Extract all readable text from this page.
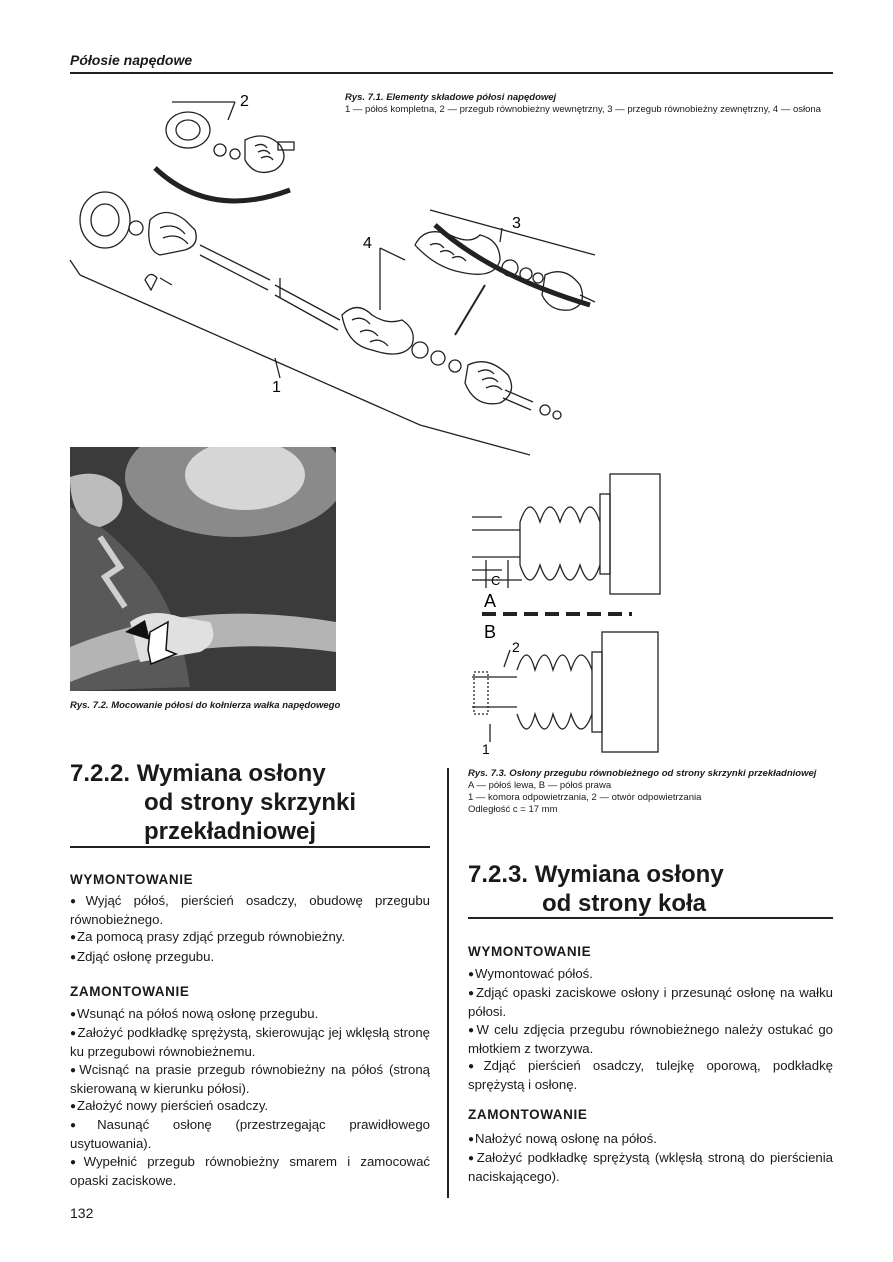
Półosie napędowe
2
3
4
1
Rys. 7.1. Elementy składowe półosi napędowej
1 — półoś kompletna, 2 — przegub równobieżny wewnętrzny, 3 — przegub równobieżny zewnętrzny, 4 — osłona
Rys. 7.2. Mocowanie półosi do kołnierza wałka napędowego
C
A
B
2
1
Rys. 7.3. Osłony przegubu równobieżnego od strony skrzynki przekładniowej
A — półoś lewa, B — półoś prawa
1 — komora odpowietrzania, 2 — otwór odpowietrzania
Odległość c = 17 mm
7.2.2. Wymiana osłony
od strony skrzynki
przekładniowej
WYMONTOWANIE

● Wyjąć półoś, pierścień osadczy, obudowę przegubu równobieżnego.

● Za pomocą prasy zdjąć przegub równobieżny.

● Zdjąć osłonę przegubu.

ZAMONTOWANIE

● Wsunąć na półoś nową osłonę przegubu.

● Założyć podkładkę sprężystą, skierowując jej wklęsłą stronę ku przegubowi równobieżnemu.

● Wcisnąć na prasie przegub równobieżny na półoś (stroną skierowaną w kierunku półosi).

● Założyć nowy pierścień osadczy.

● Nasunąć osłonę (przestrzegając prawidłowego usytuowania).

● Wypełnić przegub równobieżny smarem i zamocować opaski zaciskowe.

7.2.3. Wymiana osłony
od strony koła
WYMONTOWANIE

● Wymontować półoś.

● Zdjąć opaski zaciskowe osłony i przesunąć osłonę na wałku półosi.

● W celu zdjęcia przegubu równobieżnego należy ostukać go młotkiem z tworzywa.

● Zdjąć pierścień osadczy, tulejkę oporową, podkładkę sprężystą i osłonę.

ZAMONTOWANIE

● Nałożyć nową osłonę na półoś.

● Założyć podkładkę sprężystą (wklęsłą stroną do pierścienia naciskającego).

132
